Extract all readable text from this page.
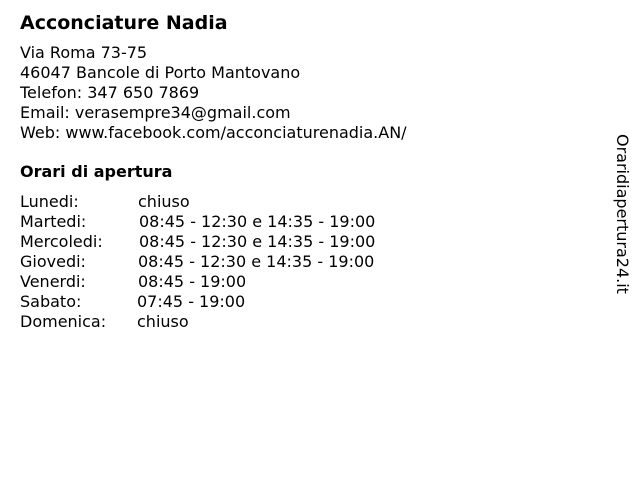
Acconciature Nadia
Via Roma 73-75
46047 Bancole di Porto Mantovano
Telefon: 347 650 7869
Email: verasempre34@gmail.com
Web: www.facebook.com/acconciaturenadia.AN/
Orari di apertura
Lunedi:	chiuso
Martedi:	08:45 - 12:30 e 14:35 - 19:00
Mercoledi: 08:45 - 12:30 e 14:35 - 19:00
Giovedi:	08:45 - 12:30 e 14:35 - 19:00
Venerdi:	08:45 - 19:00
Sabato:	07:45 - 19:00
Domenica: chiuso
Oraridiapertura24.it
